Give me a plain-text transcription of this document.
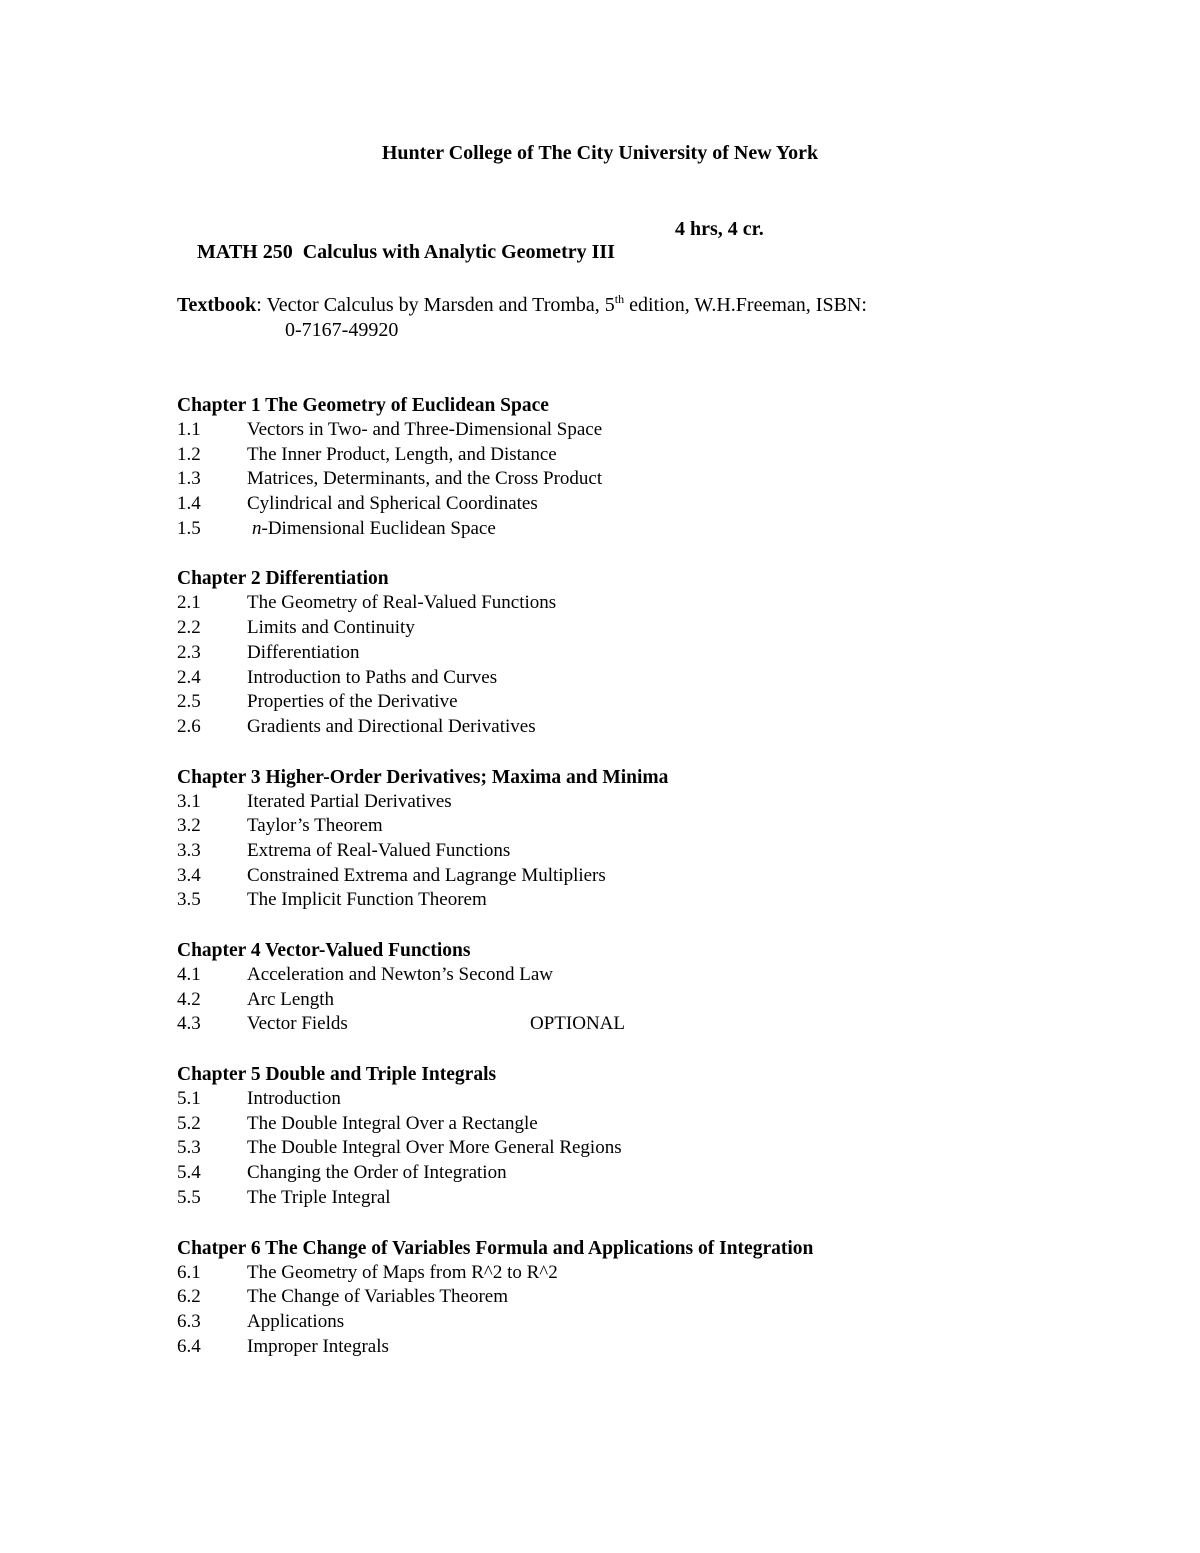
Hunter College of The City University of New York

MATH 250  Calculus with Analytic Geometry III

4 hrs, 4 cr.

Textbook: Vector Calculus by Marsden and Tromba, 5th edition, W.H.Freeman, ISBN:
0-7167-49920
Chapter 1 The Geometry of Euclidean Space
1.1 Vectors in Two- and Three-Dimensional Space
1.2 The Inner Product, Length, and Distance
1.3 Matrices, Determinants, and the Cross Product
1.4 Cylindrical and Spherical Coordinates
1.5	n-Dimensional Euclidean Space
Chapter 2 Differentiation
2.1 The Geometry of Real-Valued Functions
2.2 Limits and Continuity
2.3 Differentiation
2.4 Introduction to Paths and Curves
2.5 Properties of the Derivative
2.6 Gradients and Directional Derivatives
Chapter 3 Higher-Order Derivatives; Maxima and Minima
3.1 Iterated Partial Derivatives
3.2 Taylor’s Theorem
3.3 Extrema of Real-Valued Functions
3.4 Constrained Extrema and Lagrange Multipliers
3.5 The Implicit Function Theorem
Chapter 4 Vector-Valued Functions
4.1 Acceleration and Newton’s Second Law
4.2 Arc Length
4.3 Vector Fields	OPTIONAL
Chapter 5 Double and Triple Integrals
5.1 Introduction
5.2 The Double Integral Over a Rectangle
5.3 The Double Integral Over More General Regions
5.4 Changing the Order of Integration
5.5 The Triple Integral
Chatper 6 The Change of Variables Formula and Applications of Integration
6.1 The Geometry of Maps from R^2 to R^2
6.2 The Change of Variables Theorem
6.3 Applications
6.4 Improper Integrals
